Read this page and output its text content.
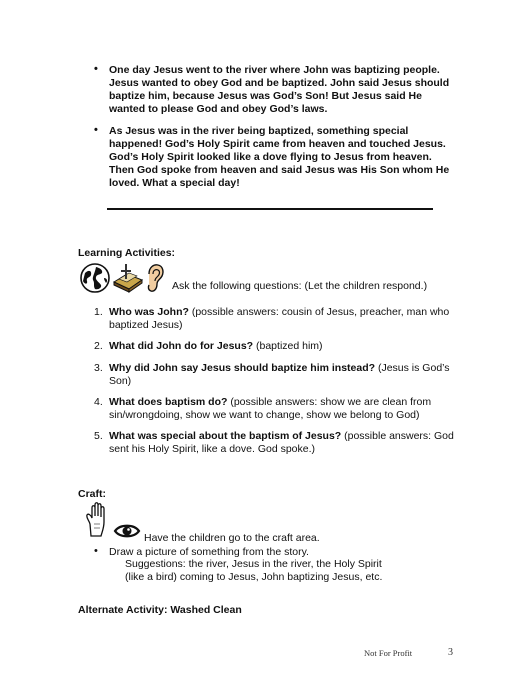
• One day Jesus went to the river where John was baptizing people. Jesus wanted to obey God and be baptized. John said Jesus should baptize him, because Jesus was God’s Son! But Jesus said He wanted to please God and obey God’s laws.
• As Jesus was in the river being baptized, something special happened! God’s Holy Spirit came from heaven and touched Jesus. God’s Holy Spirit looked like a dove flying to Jesus from heaven. Then God spoke from heaven and said Jesus was His Son whom He loved. What a special day!
Learning Activities:
Ask the following questions: (Let the children respond.)
1. Who was John? (possible answers: cousin of Jesus, preacher, man who baptized Jesus)
2. What did John do for Jesus? (baptized him)
3. Why did John say Jesus should baptize him instead? (Jesus is God’s Son)
4. What does baptism do? (possible answers: show we are clean from sin/wrongdoing, show we want to change, show we belong to God)
5. What was special about the baptism of Jesus? (possible answers: God sent his Holy Spirit, like a dove. God spoke.)
Craft:
Have the children go to the craft area.
• Draw a picture of something from the story.
Suggestions: the river, Jesus in the river, the Holy Spirit (like a bird) coming to Jesus, John baptizing Jesus, etc.
Alternate Activity: Washed Clean
Not For Profit	3
